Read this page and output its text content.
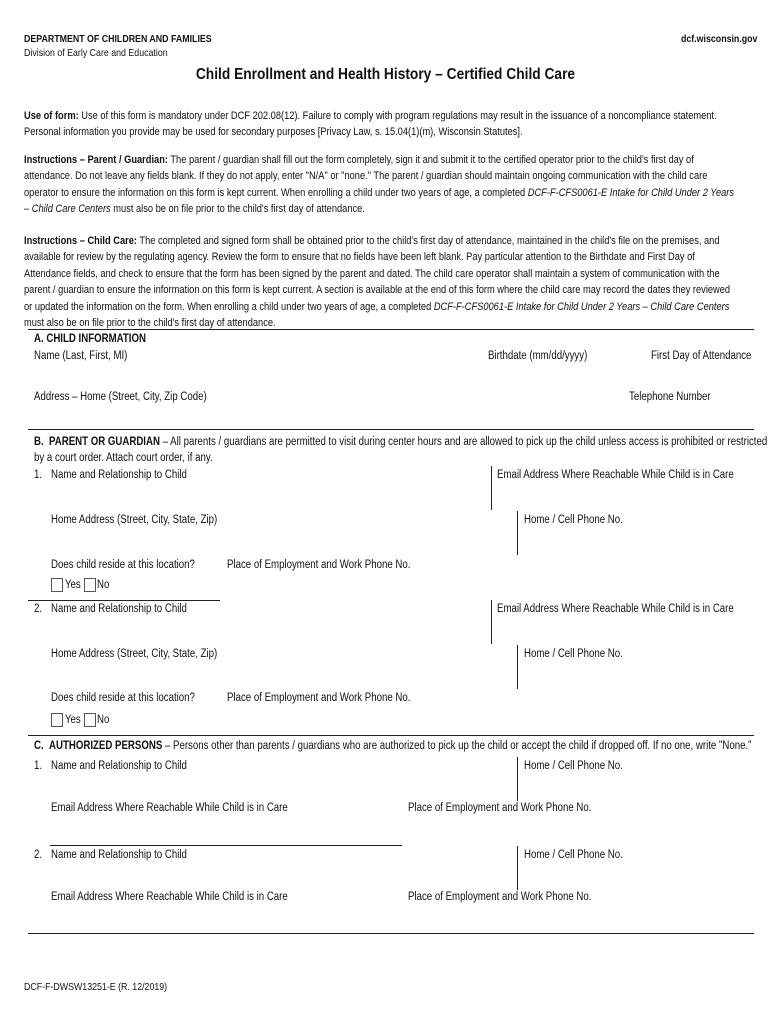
DEPARTMENT OF CHILDREN AND FAMILIES
Division of Early Care and Education
dcf.wisconsin.gov
Child Enrollment and Health History – Certified Child Care
Use of form: Use of this form is mandatory under DCF 202.08(12). Failure to comply with program regulations may result in the issuance of a noncompliance statement. Personal information you provide may be used for secondary purposes [Privacy Law, s. 15.04(1)(m), Wisconsin Statutes].
Instructions – Parent / Guardian: The parent / guardian shall fill out the form completely, sign it and submit it to the certified operator prior to the child's first day of attendance. Do not leave any fields blank. If they do not apply, enter "N/A" or "none." The parent / guardian should maintain ongoing communication with the child care operator to ensure the information on this form is kept current. When enrolling a child under two years of age, a completed DCF-F-CFS0061-E Intake for Child Under 2 Years – Child Care Centers must also be on file prior to the child's first day of attendance.
Instructions – Child Care: The completed and signed form shall be obtained prior to the child's first day of attendance, maintained in the child's file on the premises, and available for review by the regulating agency. Review the form to ensure that no fields have been left blank. Pay particular attention to the Birthdate and First Day of Attendance fields, and check to ensure that the form has been signed by the parent and dated. The child care operator shall maintain a system of communication with the parent / guardian to ensure the information on this form is kept current. A section is available at the end of this form where the child care may record the dates they reviewed or updated the information on the form. When enrolling a child under two years of age, a completed DCF-F-CFS0061-E Intake for Child Under 2 Years – Child Care Centers must also be on file prior to the child's first day of attendance.
A. CHILD INFORMATION
Name (Last, First, MI)	Birthdate (mm/dd/yyyy)	First Day of Attendance
Address – Home (Street, City, Zip Code)	Telephone Number
B. PARENT OR GUARDIAN – All parents / guardians are permitted to visit during center hours and are allowed to pick up the child unless access is prohibited or restricted by a court order. Attach court order, if any.
1. Name and Relationship to Child	Email Address Where Reachable While Child is in Care
Home Address (Street, City, State, Zip)	Home / Cell Phone No.
Does child reside at this location?	Place of Employment and Work Phone No.
Yes No
2. Name and Relationship to Child	Email Address Where Reachable While Child is in Care
Home Address (Street, City, State, Zip)	Home / Cell Phone No.
Does child reside at this location?	Place of Employment and Work Phone No.
Yes No
C. AUTHORIZED PERSONS – Persons other than parents / guardians who are authorized to pick up the child or accept the child if dropped off. If no one, write "None."
1. Name and Relationship to Child	Home / Cell Phone No.
Email Address Where Reachable While Child is in Care	Place of Employment and Work Phone No.
2. Name and Relationship to Child	Home / Cell Phone No.
Email Address Where Reachable While Child is in Care	Place of Employment and Work Phone No.
DCF-F-DWSW13251-E (R. 12/2019)
